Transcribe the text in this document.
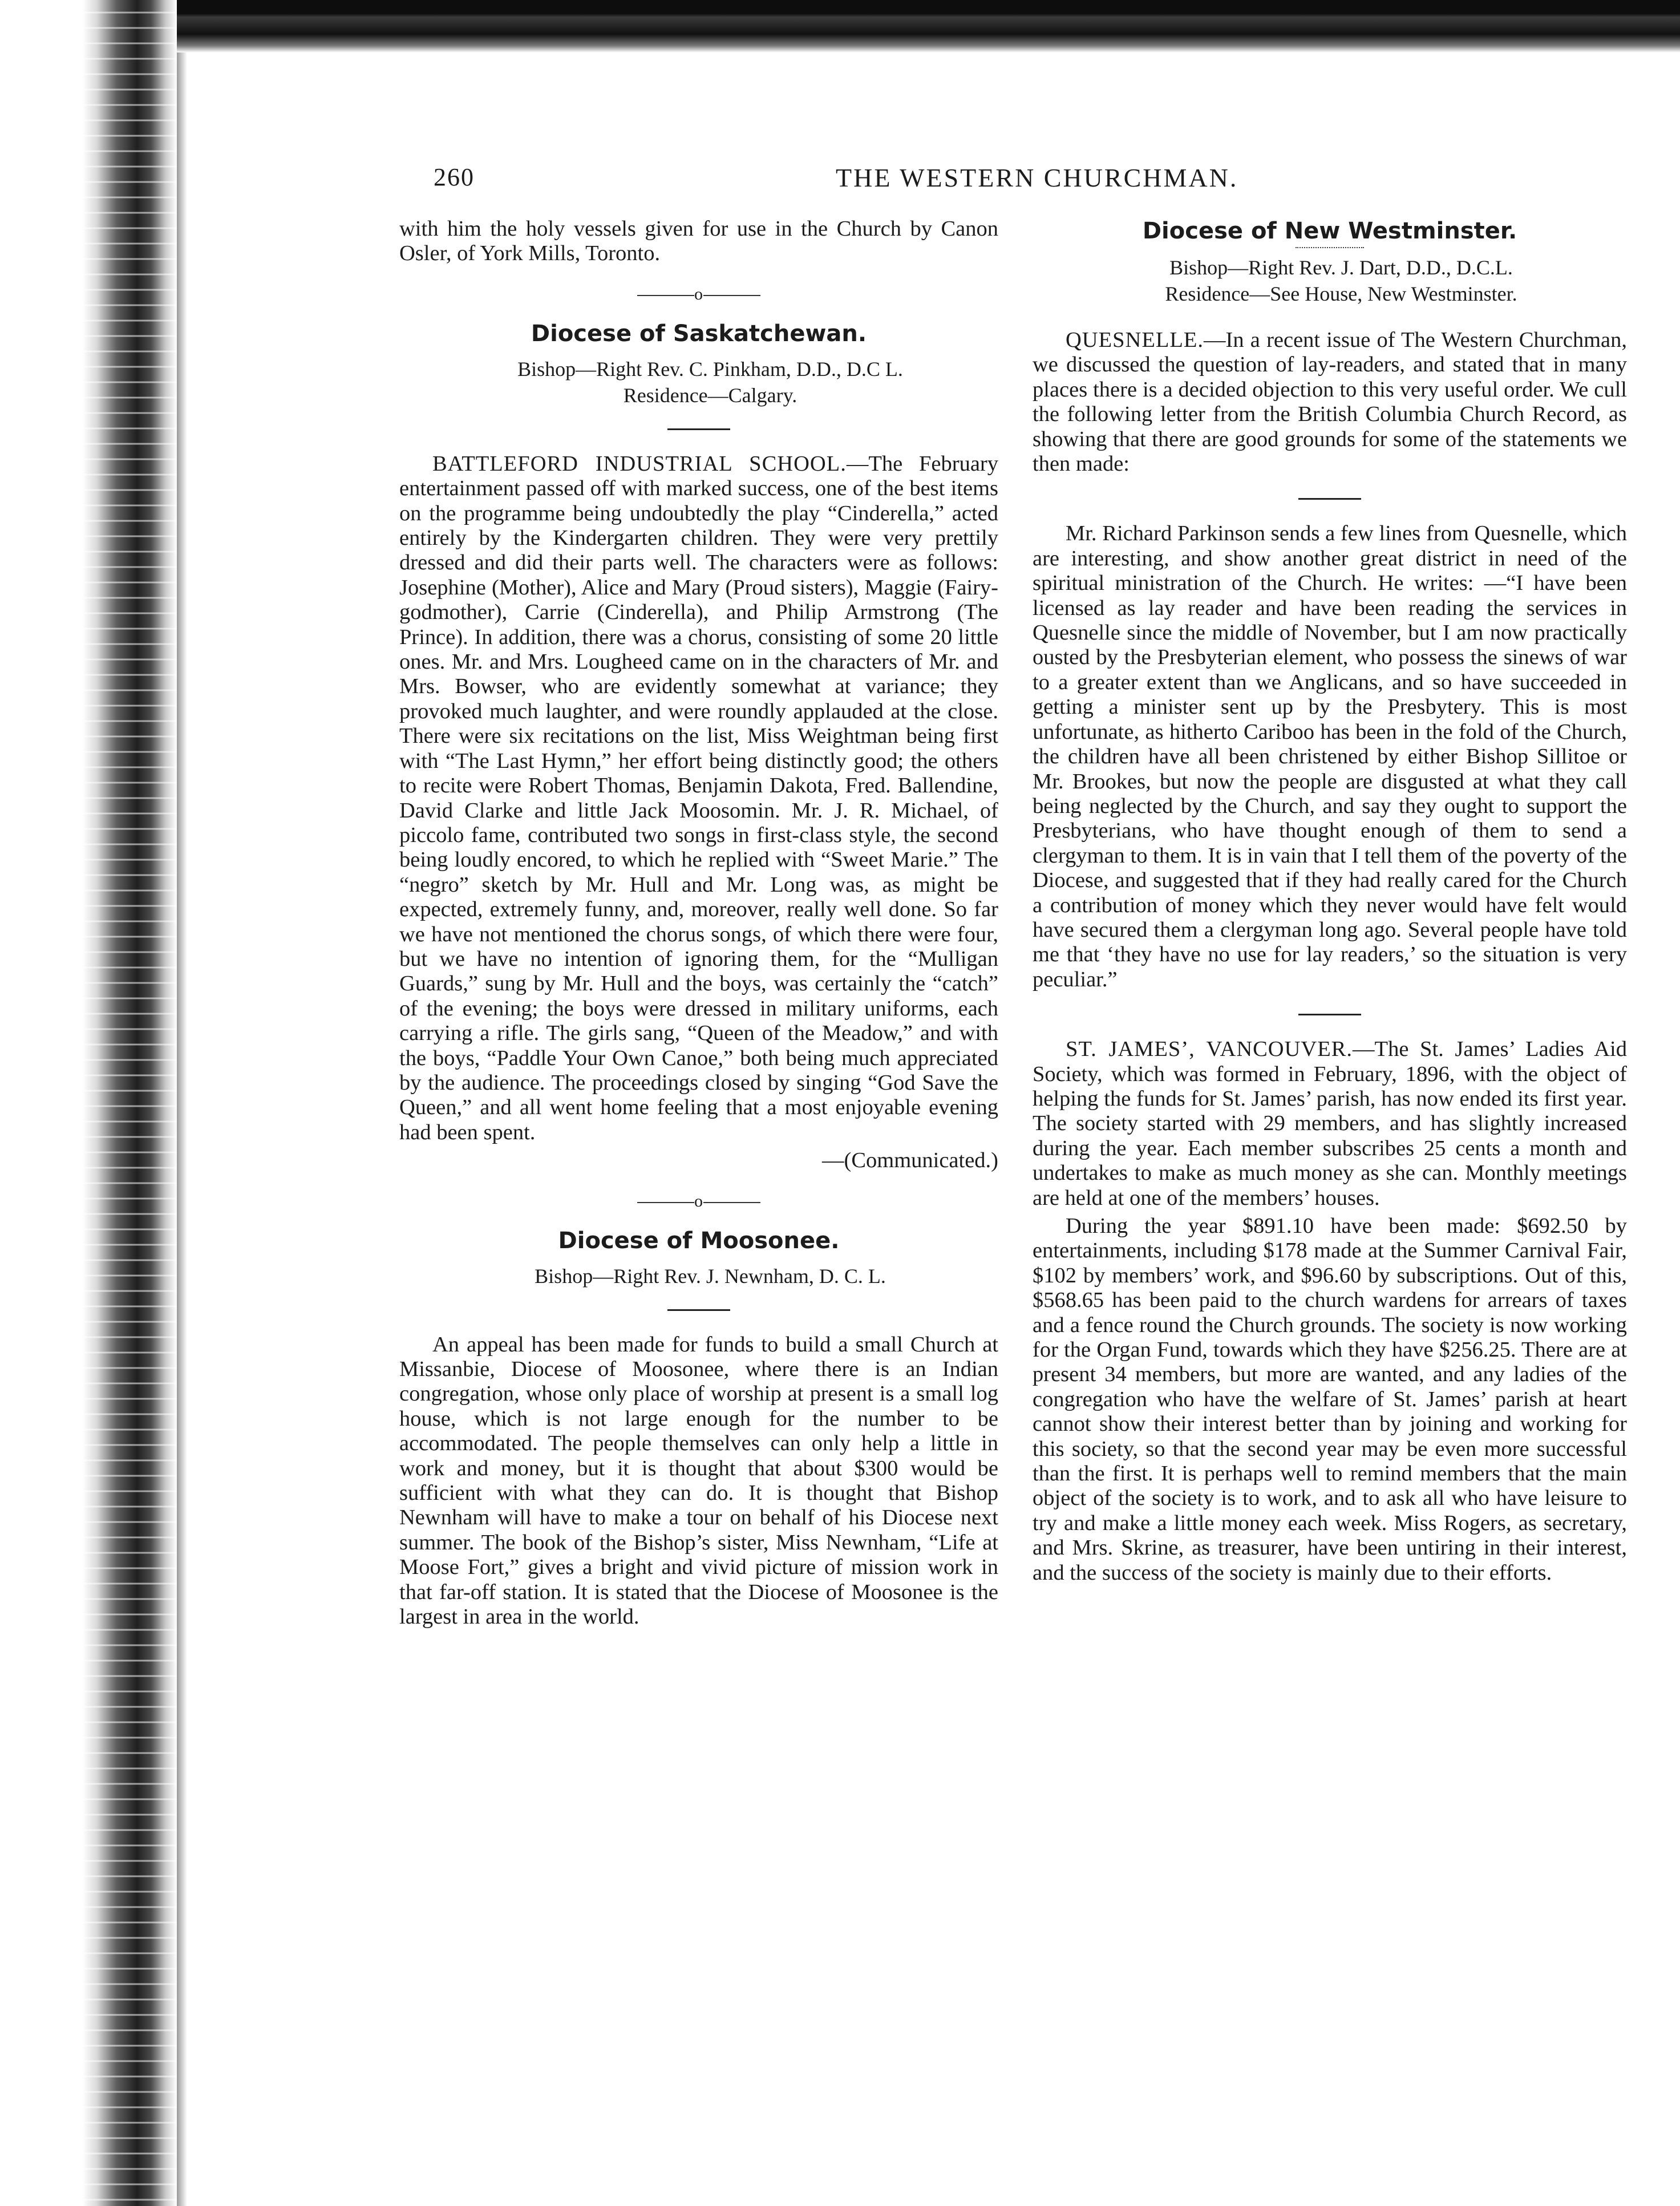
260	THE WESTERN CHURCHMAN.

with him the holy vessels given for use in the Church by Canon Osler, of York Mills, Toronto.

o
Diocese of Saskatchewan.

Bishop—Right Rev. C. Pinkham, D.D., D.C L.

Residence—Calgary.

BATTLEFORD INDUSTRIAL SCHOOL.—The February entertainment passed off with marked success, one of the best items on the programme being undoubtedly the play “Cinderella,” acted entirely by the Kindergarten children. They were very prettily dressed and did their parts well. The characters were as follows: Josephine (Mother), Alice and Mary (Proud sisters), Maggie (Fairy-godmother), Carrie (Cinderella), and Philip Armstrong (The Prince). In addition, there was a chorus, consisting of some 20 little ones. Mr. and Mrs. Lougheed came on in the characters of Mr. and Mrs. Bowser, who are evidently somewhat at variance; they provoked much laughter, and were roundly applauded at the close. There were six recitations on the list, Miss Weightman being first with “The Last Hymn,” her effort being distinctly good; the others to recite were Robert Thomas, Benjamin Dakota, Fred. Ballendine, David Clarke and little Jack Moosomin. Mr. J. R. Michael, of piccolo fame, contributed two songs in first-class style, the second being loudly encored, to which he replied with “Sweet Marie.” The “negro” sketch by Mr. Hull and Mr. Long was, as might be expected, extremely funny, and, moreover, really well done. So far we have not mentioned the chorus songs, of which there were four, but we have no intention of ignoring them, for the “Mulligan Guards,” sung by Mr. Hull and the boys, was certainly the “catch” of the evening; the boys were dressed in military uniforms, each carrying a rifle. The girls sang, “Queen of the Meadow,” and with the boys, “Paddle Your Own Canoe,” both being much appreciated by the audience. The proceedings closed by singing “God Save the Queen,” and all went home feeling that a most enjoyable evening had been spent.

—(Communicated.)

o
Diocese of Moosonee.

Bishop—Right Rev. J. Newnham, D. C. L.

An appeal has been made for funds to build a small Church at Missanbie, Diocese of Moosonee, where there is an Indian congregation, whose only place of worship at present is a small log house, which is not large enough for the number to be accommodated. The people themselves can only help a little in work and money, but it is thought that about $300 would be sufficient with what they can do. It is thought that Bishop Newnham will have to make a tour on behalf of his Diocese next summer. The book of the Bishop’s sister, Miss Newnham, “Life at Moose Fort,” gives a bright and vivid picture of mission work in that far-off station. It is stated that the Diocese of Moosonee is the largest in area in the world.

Diocese of New Westminster.

Bishop—Right Rev. J. Dart, D.D., D.C.L.

Residence—See House, New Westminster.

QUESNELLE.—In a recent issue of The Western Churchman, we discussed the question of lay-readers, and stated that in many places there is a decided objection to this very useful order. We cull the following letter from the British Columbia Church Record, as showing that there are good grounds for some of the statements we then made:

Mr. Richard Parkinson sends a few lines from Quesnelle, which are interesting, and show another great district in need of the spiritual ministration of the Church. He writes: —“I have been licensed as lay reader and have been reading the services in Quesnelle since the middle of November, but I am now practically ousted by the Presbyterian element, who possess the sinews of war to a greater extent than we Anglicans, and so have succeeded in getting a minister sent up by the Presbytery. This is most unfortunate, as hitherto Cariboo has been in the fold of the Church, the children have all been christened by either Bishop Sillitoe or Mr. Brookes, but now the people are disgusted at what they call being neglected by the Church, and say they ought to support the Presbyterians, who have thought enough of them to send a clergyman to them. It is in vain that I tell them of the poverty of the Diocese, and suggested that if they had really cared for the Church a contribution of money which they never would have felt would have secured them a clergyman long ago. Several people have told me that ‘they have no use for lay readers,’ so the situation is very peculiar.”

ST. JAMES’, VANCOUVER.—The St. James’ Ladies Aid Society, which was formed in February, 1896, with the object of helping the funds for St. James’ parish, has now ended its first year. The society started with 29 members, and has slightly increased during the year. Each member subscribes 25 cents a month and undertakes to make as much money as she can. Monthly meetings are held at one of the members’ houses.

During the year $891.10 have been made: $692.50 by entertainments, including $178 made at the Summer Carnival Fair, $102 by members’ work, and $96.60 by subscriptions. Out of this, $568.65 has been paid to the church wardens for arrears of taxes and a fence round the Church grounds. The society is now working for the Organ Fund, towards which they have $256.25. There are at present 34 members, but more are wanted, and any ladies of the congregation who have the welfare of St. James’ parish at heart cannot show their interest better than by joining and working for this society, so that the second year may be even more successful than the first. It is perhaps well to remind members that the main object of the society is to work, and to ask all who have leisure to try and make a little money each week. Miss Rogers, as secretary, and Mrs. Skrine, as treasurer, have been untiring in their interest, and the success of the society is mainly due to their efforts.
